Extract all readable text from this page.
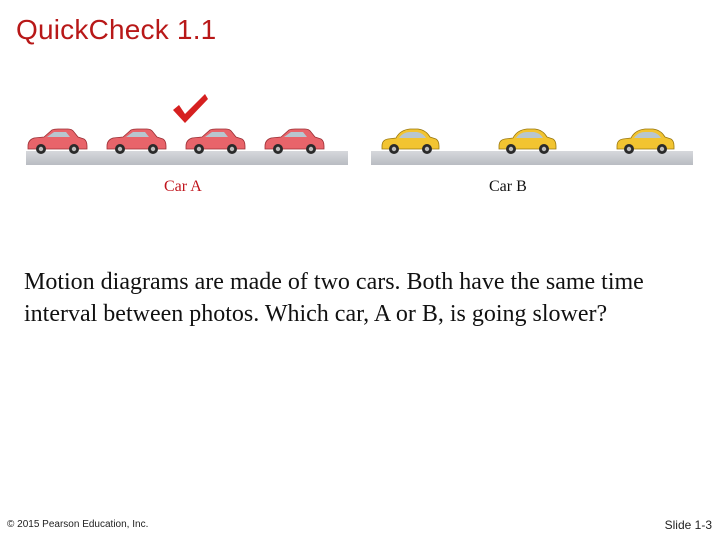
QuickCheck 1.1
Car A	Car B

Motion diagrams are made of two cars. Both have the same time interval between photos. Which car, A or B, is going slower?

© 2015 Pearson Education, Inc.	Slide 1-3
